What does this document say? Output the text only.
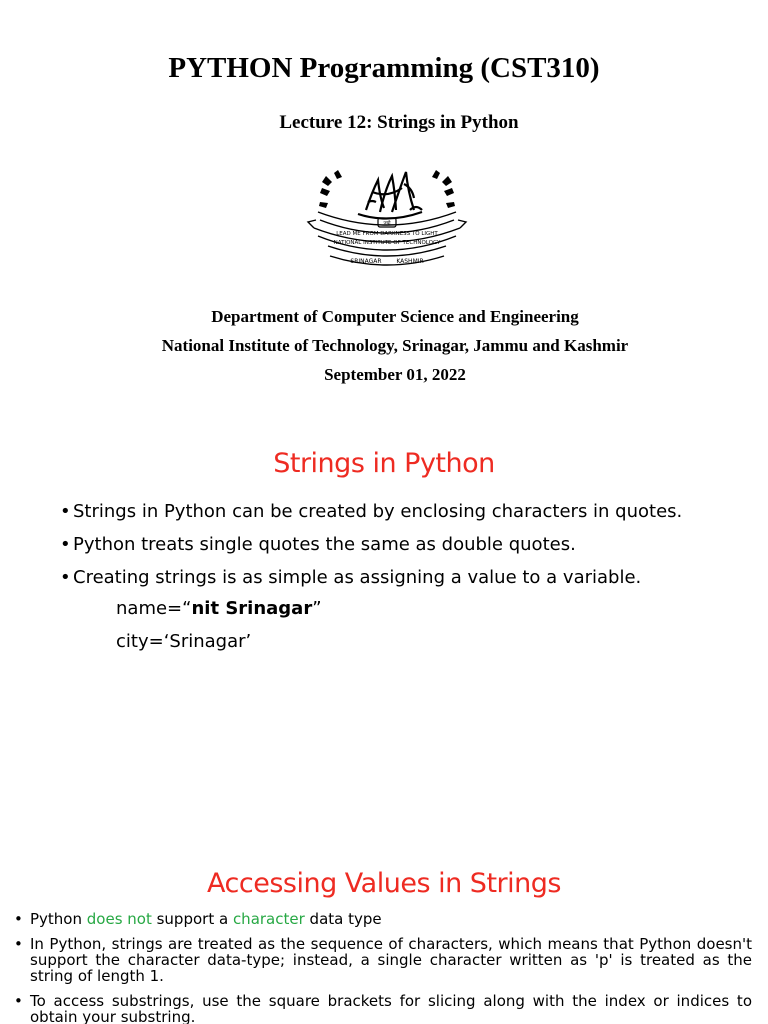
PYTHON Programming (CST310)
Lecture 12: Strings in Python
ज्यो
LEAD ME FROM DARKNESS TO LIGHT
NATIONAL INSTITUTE OF TECHNOLOGY
SRINAGAR KASHMIR
Department of Computer Science and Engineering
National Institute of Technology, Srinagar, Jammu and Kashmir
September 01, 2022
Strings in Python
• Strings in Python can be created by enclosing characters in quotes.
• Python treats single quotes the same as double quotes.
• Creating strings is as simple as assigning a value to a variable.
name=“nit Srinagar”
city=‘Srinagar’
Accessing Values in Strings
• Python does not support a character data type
• In Python, strings are treated as the sequence of characters, which means that Python doesn't support the character data-type; instead, a single character written as 'p' is treated as the string of length 1.
• To access substrings, use the square brackets for slicing along with the index or indices to obtain your substring.
